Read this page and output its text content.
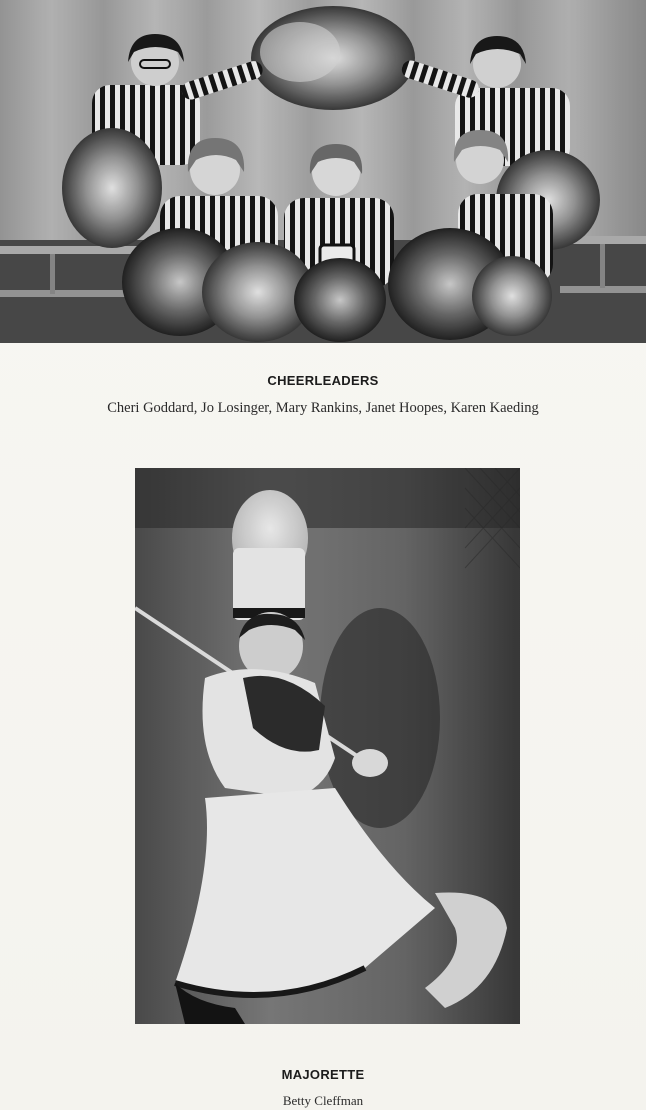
CHEERLEADERS
Cheri Goddard, Jo Losinger, Mary Rankins, Janet Hoopes, Karen Kaeding
MAJORETTE
Betty Cleffman
